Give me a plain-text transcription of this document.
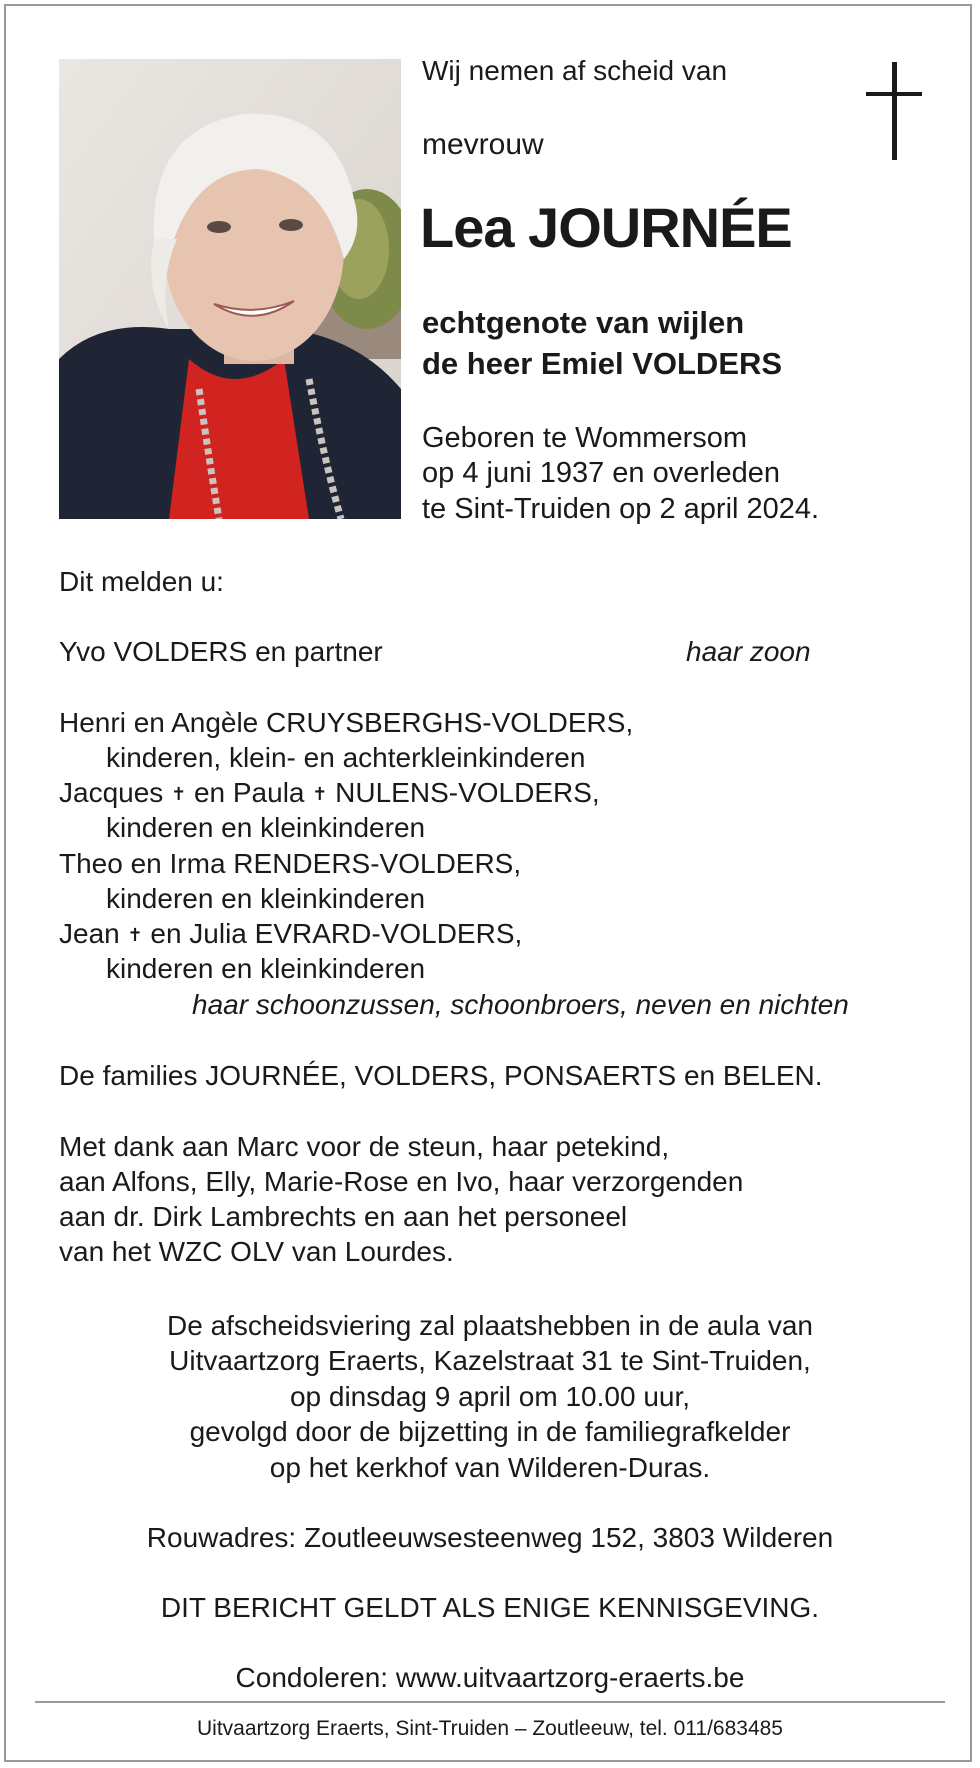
Wij nemen af scheid van
mevrouw
Lea JOURNÉE
echtgenote van wijlen
de heer Emiel VOLDERS
Geboren te Wommersom
op 4 juni 1937 en overleden
te Sint-Truiden op 2 april 2024.
Dit melden u:
Yvo VOLDERS en partner	haar zoon
Henri en Angèle CRUYSBERGHS-VOLDERS,
kinderen, klein- en achterkleinkinderen
Jacques ✝ en Paula ✝ NULENS-VOLDERS,
kinderen en kleinkinderen
Theo en Irma RENDERS-VOLDERS,
kinderen en kleinkinderen
Jean ✝ en Julia EVRARD-VOLDERS,
kinderen en kleinkinderen
haar schoonzussen, schoonbroers, neven en nichten
De families JOURNÉE, VOLDERS, PONSAERTS en BELEN.
Met dank aan Marc voor de steun, haar petekind,
aan Alfons, Elly, Marie-Rose en Ivo, haar verzorgenden
aan dr. Dirk Lambrechts en aan het personeel
van het WZC OLV van Lourdes.
De afscheidsviering zal plaatshebben in de aula van
Uitvaartzorg Eraerts, Kazelstraat 31 te Sint-Truiden,
op dinsdag 9 april om 10.00 uur,
gevolgd door de bijzetting in de familiegrafkelder
op het kerkhof van Wilderen-Duras.
Rouwadres: Zoutleeuwsesteenweg 152, 3803 Wilderen
DIT BERICHT GELDT ALS ENIGE KENNISGEVING.
Condoleren: www.uitvaartzorg-eraerts.be
Uitvaartzorg Eraerts, Sint-Truiden – Zoutleeuw, tel. 011/683485
